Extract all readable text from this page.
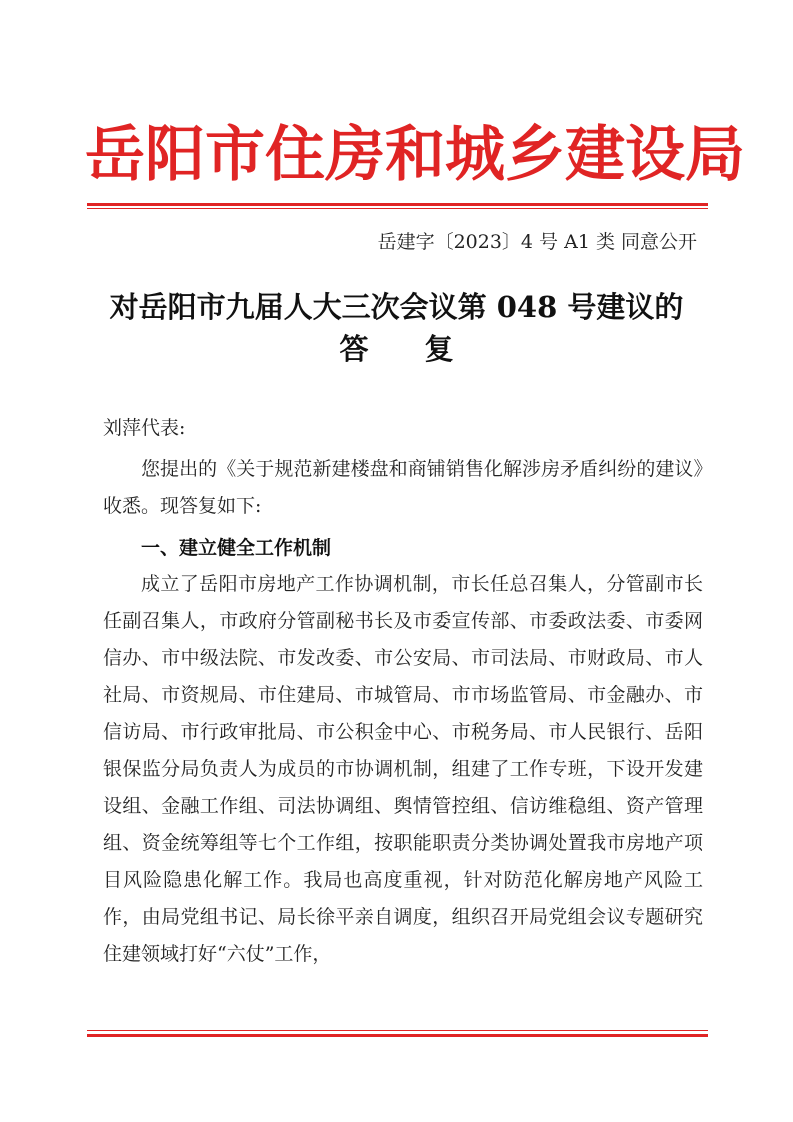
岳阳市住房和城乡建设局
岳建字〔2023〕4 号 A1 类 同意公开
对岳阳市九届人大三次会议第 048 号建议的
答复
刘萍代表:

您提出的《关于规范新建楼盘和商铺销售化解涉房矛盾纠纷的建议》收悉。现答复如下:

一、建立健全工作机制

成立了岳阳市房地产工作协调机制，市长任总召集人，分管副市长任副召集人，市政府分管副秘书长及市委宣传部、市委政法委、市委网信办、市中级法院、市发改委、市公安局、市司法局、市财政局、市人社局、市资规局、市住建局、市城管局、市市场监管局、市金融办、市信访局、市行政审批局、市公积金中心、市税务局、市人民银行、岳阳银保监分局负责人为成员的市协调机制，组建了工作专班，下设开发建设组、金融工作组、司法协调组、舆情管控组、信访维稳组、资产管理组、资金统筹组等七个工作组，按职能职责分类协调处置我市房地产项目风险隐患化解工作。我局也高度重视，针对防范化解房地产风险工作，由局党组书记、局长徐平亲自调度，组织召开局党组会议专题研究住建领域打好“六仗”工作，
